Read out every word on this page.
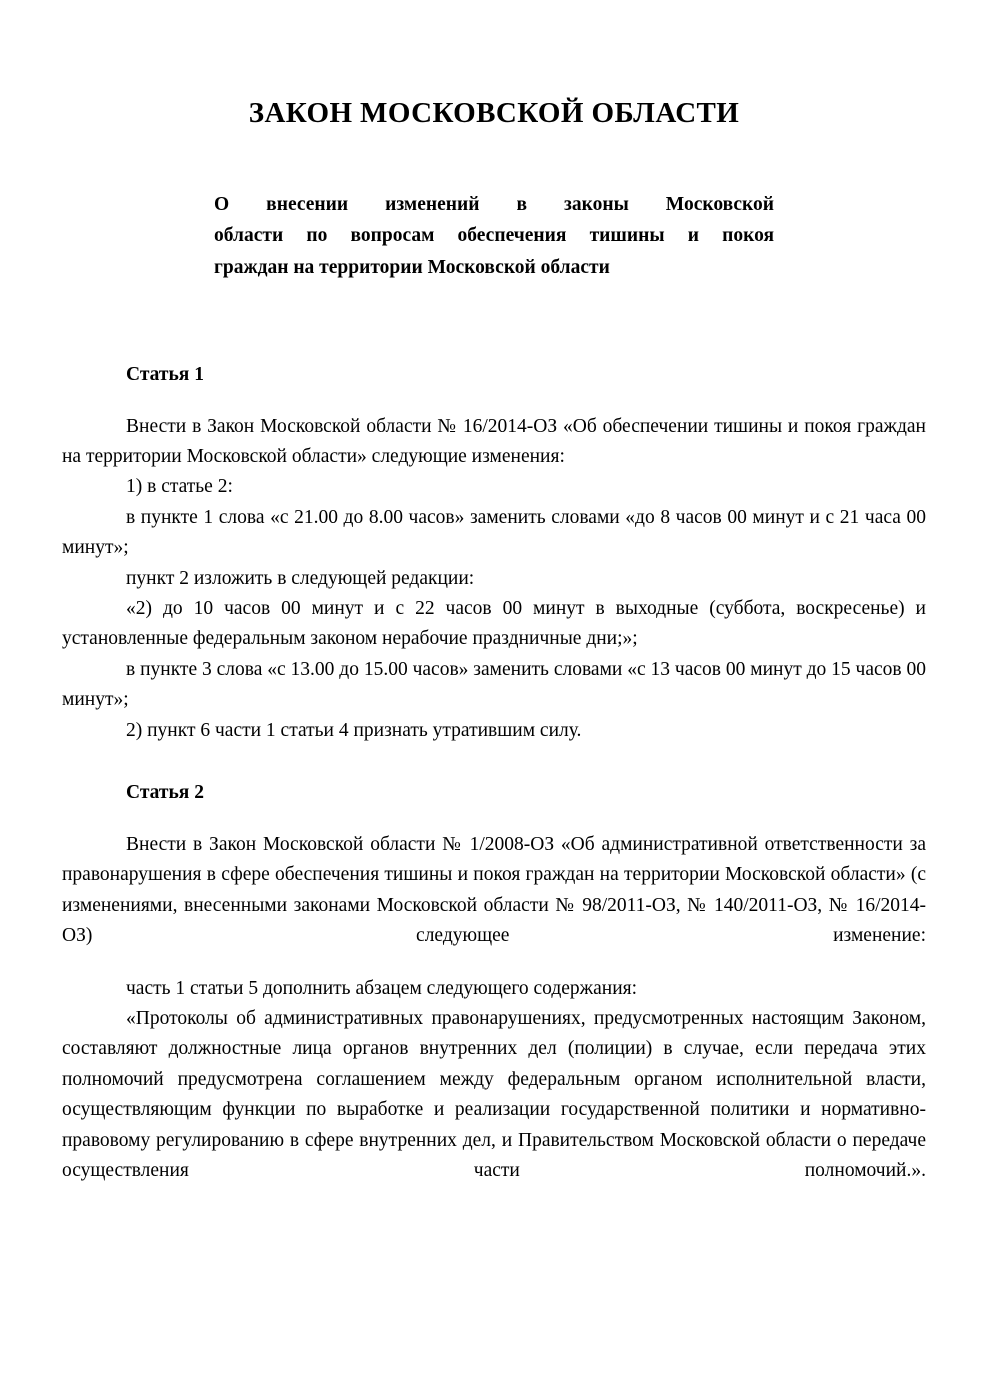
ЗАКОН МОСКОВСКОЙ ОБЛАСТИ
О внесении изменений в законы Московской
области по вопросам обеспечения тишины и покоя
граждан на территории Московской области
Статья 1

Внести в Закон Московской области № 16/2014-ОЗ «Об обеспечении тишины и покоя граждан на территории Московской области» следующие изменения:

1) в статье 2:

в пункте 1 слова «с 21.00 до 8.00 часов» заменить словами «до 8 часов 00 минут и с 21 часа 00 минут»;

пункт 2 изложить в следующей редакции:

«2) до 10 часов 00 минут и с 22 часов 00 минут в выходные (суббота, воскресенье) и установленные федеральным законом нерабочие праздничные дни;»;

в пункте 3 слова «с 13.00 до 15.00 часов» заменить словами «с 13 часов 00 минут до 15 часов 00 минут»;

2) пункт 6 части 1 статьи 4 признать утратившим силу.

Статья 2

Внести в Закон Московской области № 1/2008-ОЗ «Об административной ответственности за правонарушения в сфере обеспечения тишины и покоя граждан на территории Московской области» (с изменениями, внесенными законами Московской области № 98/2011-ОЗ, № 140/2011-ОЗ, № 16/2014-ОЗ) следующее изменение:

часть 1 статьи 5 дополнить абзацем следующего содержания:

«Протоколы об административных правонарушениях, предусмотренных настоящим Законом, составляют должностные лица органов внутренних дел (полиции) в случае, если передача этих полномочий предусмотрена соглашением между федеральным органом исполнительной власти, осуществляющим функции по выработке и реализации государственной политики и нормативно-правовому регулированию в сфере внутренних дел, и Правительством Московской области о передаче осуществления части полномочий.».
